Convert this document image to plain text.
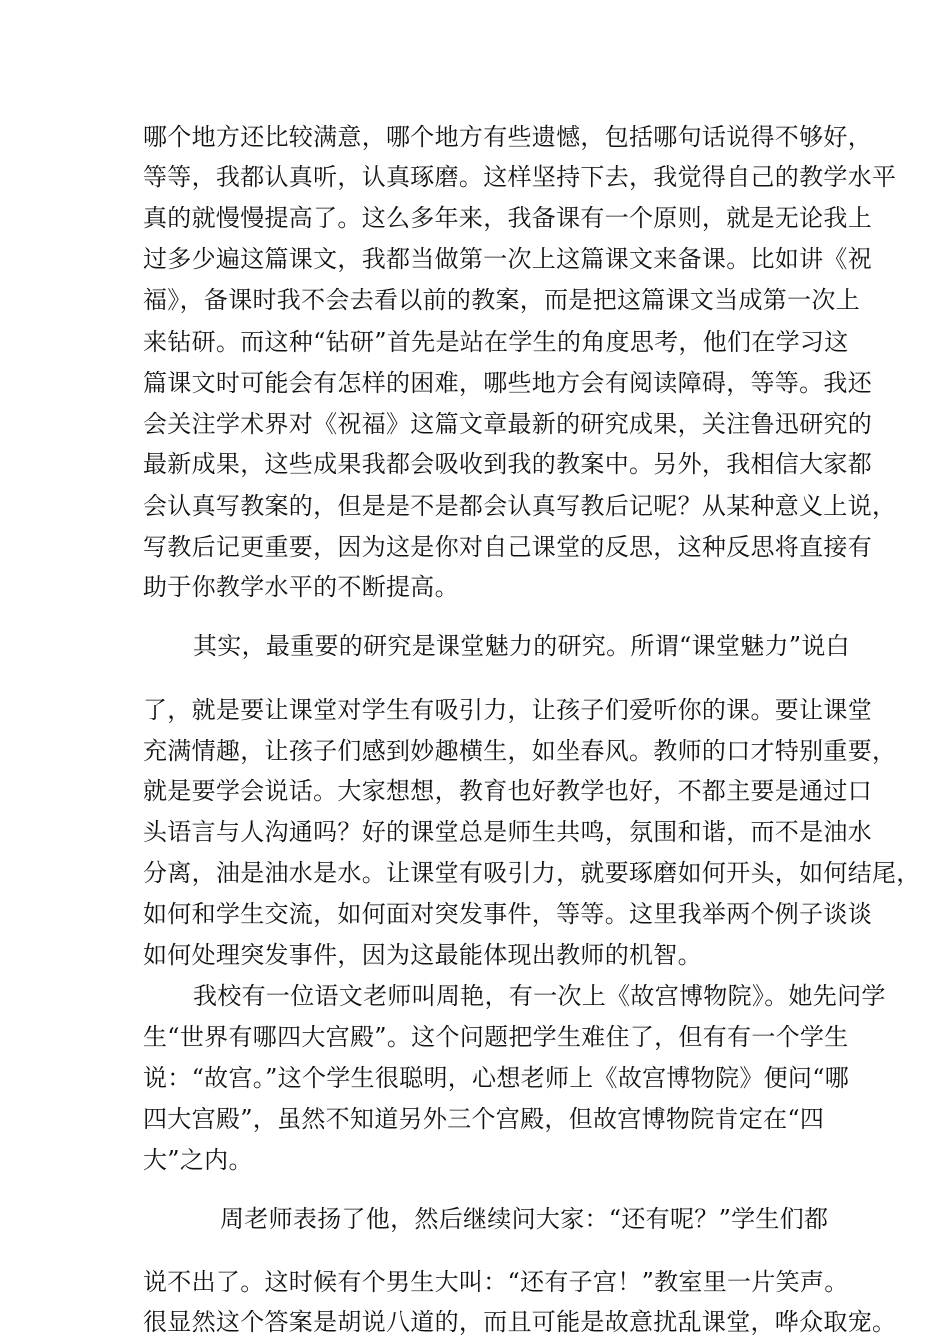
哪个地方还比较满意，哪个地方有些遗憾，包括哪句话说得不够好，
等等，我都认真听，认真琢磨。这样坚持下去，我觉得自己的教学水平
真的就慢慢提高了。这么多年来，我备课有一个原则，就是无论我上
过多少遍这篇课文，我都当做第一次上这篇课文来备课。比如讲《祝
福》，备课时我不会去看以前的教案，而是把这篇课文当成第一次上
来钻研。而这种“钻研”首先是站在学生的角度思考，他们在学习这
篇课文时可能会有怎样的困难，哪些地方会有阅读障碍，等等。我还
会关注学术界对《祝福》这篇文章最新的研究成果，关注鲁迅研究的
最新成果，这些成果我都会吸收到我的教案中。另外，我相信大家都
会认真写教案的，但是是不是都会认真写教后记呢？从某种意义上说，
写教后记更重要，因为这是你对自己课堂的反思，这种反思将直接有
助于你教学水平的不断提高。
其实，最重要的研究是课堂魅力的研究。所谓“课堂魅力”说白
了，就是要让课堂对学生有吸引力，让孩子们爱听你的课。要让课堂
充满情趣，让孩子们感到妙趣横生，如坐春风。教师的口才特别重要，
就是要学会说话。大家想想，教育也好教学也好，不都主要是通过口
头语言与人沟通吗？好的课堂总是师生共鸣，氛围和谐，而不是油水
分离，油是油水是水。让课堂有吸引力，就要琢磨如何开头，如何结尾，
如何和学生交流，如何面对突发事件，等等。这里我举两个例子谈谈
如何处理突发事件，因为这最能体现出教师的机智。
我校有一位语文老师叫周艳，有一次上《故宫博物院》。她先问学
生“世界有哪四大宫殿”。这个问题把学生难住了，但有有一个学生
说：“故宫。”这个学生很聪明，心想老师上《故宫博物院》便问“哪
四大宫殿”，虽然不知道另外三个宫殿，但故宫博物院肯定在“四
大”之内。
周老师表扬了他，然后继续问大家：“还有呢？”学生们都
说不出了。这时候有个男生大叫：“还有子宫！”教室里一片笑声。
很显然这个答案是胡说八道的，而且可能是故意扰乱课堂，哗众取宠。
